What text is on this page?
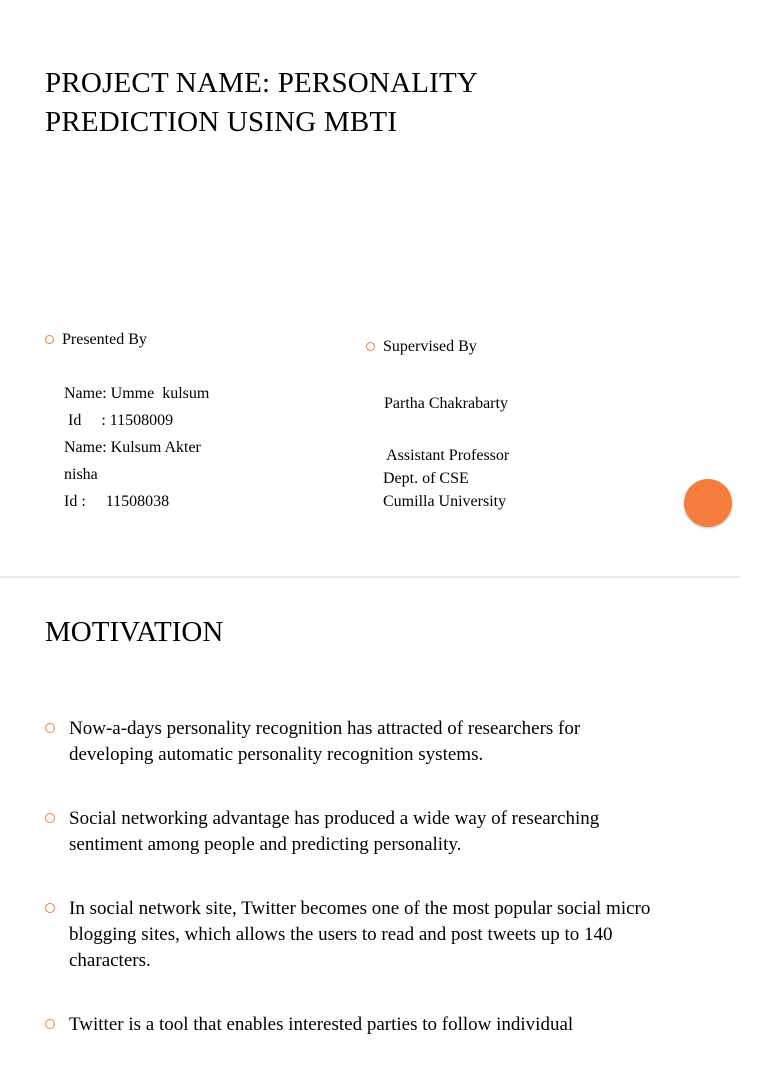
PROJECT NAME: PERSONALITY
PREDICTION USING MBTI
Presented By
Name: Umme  kulsum
Id     : 11508009
Name: Kulsum Akter
nisha
Id :     11508038
Supervised By
Partha Chakrabarty
Assistant Professor
Dept. of CSE
Cumilla University
MOTIVATION
Now-a-days personality recognition has attracted of researchers for developing automatic personality recognition systems.
Social networking advantage has produced a wide way of researching sentiment among people and predicting personality.
In social network site, Twitter becomes one of the most popular social micro blogging sites, which allows the users to read and post tweets up to 140 characters.
Twitter is a tool that enables interested parties to follow individual
